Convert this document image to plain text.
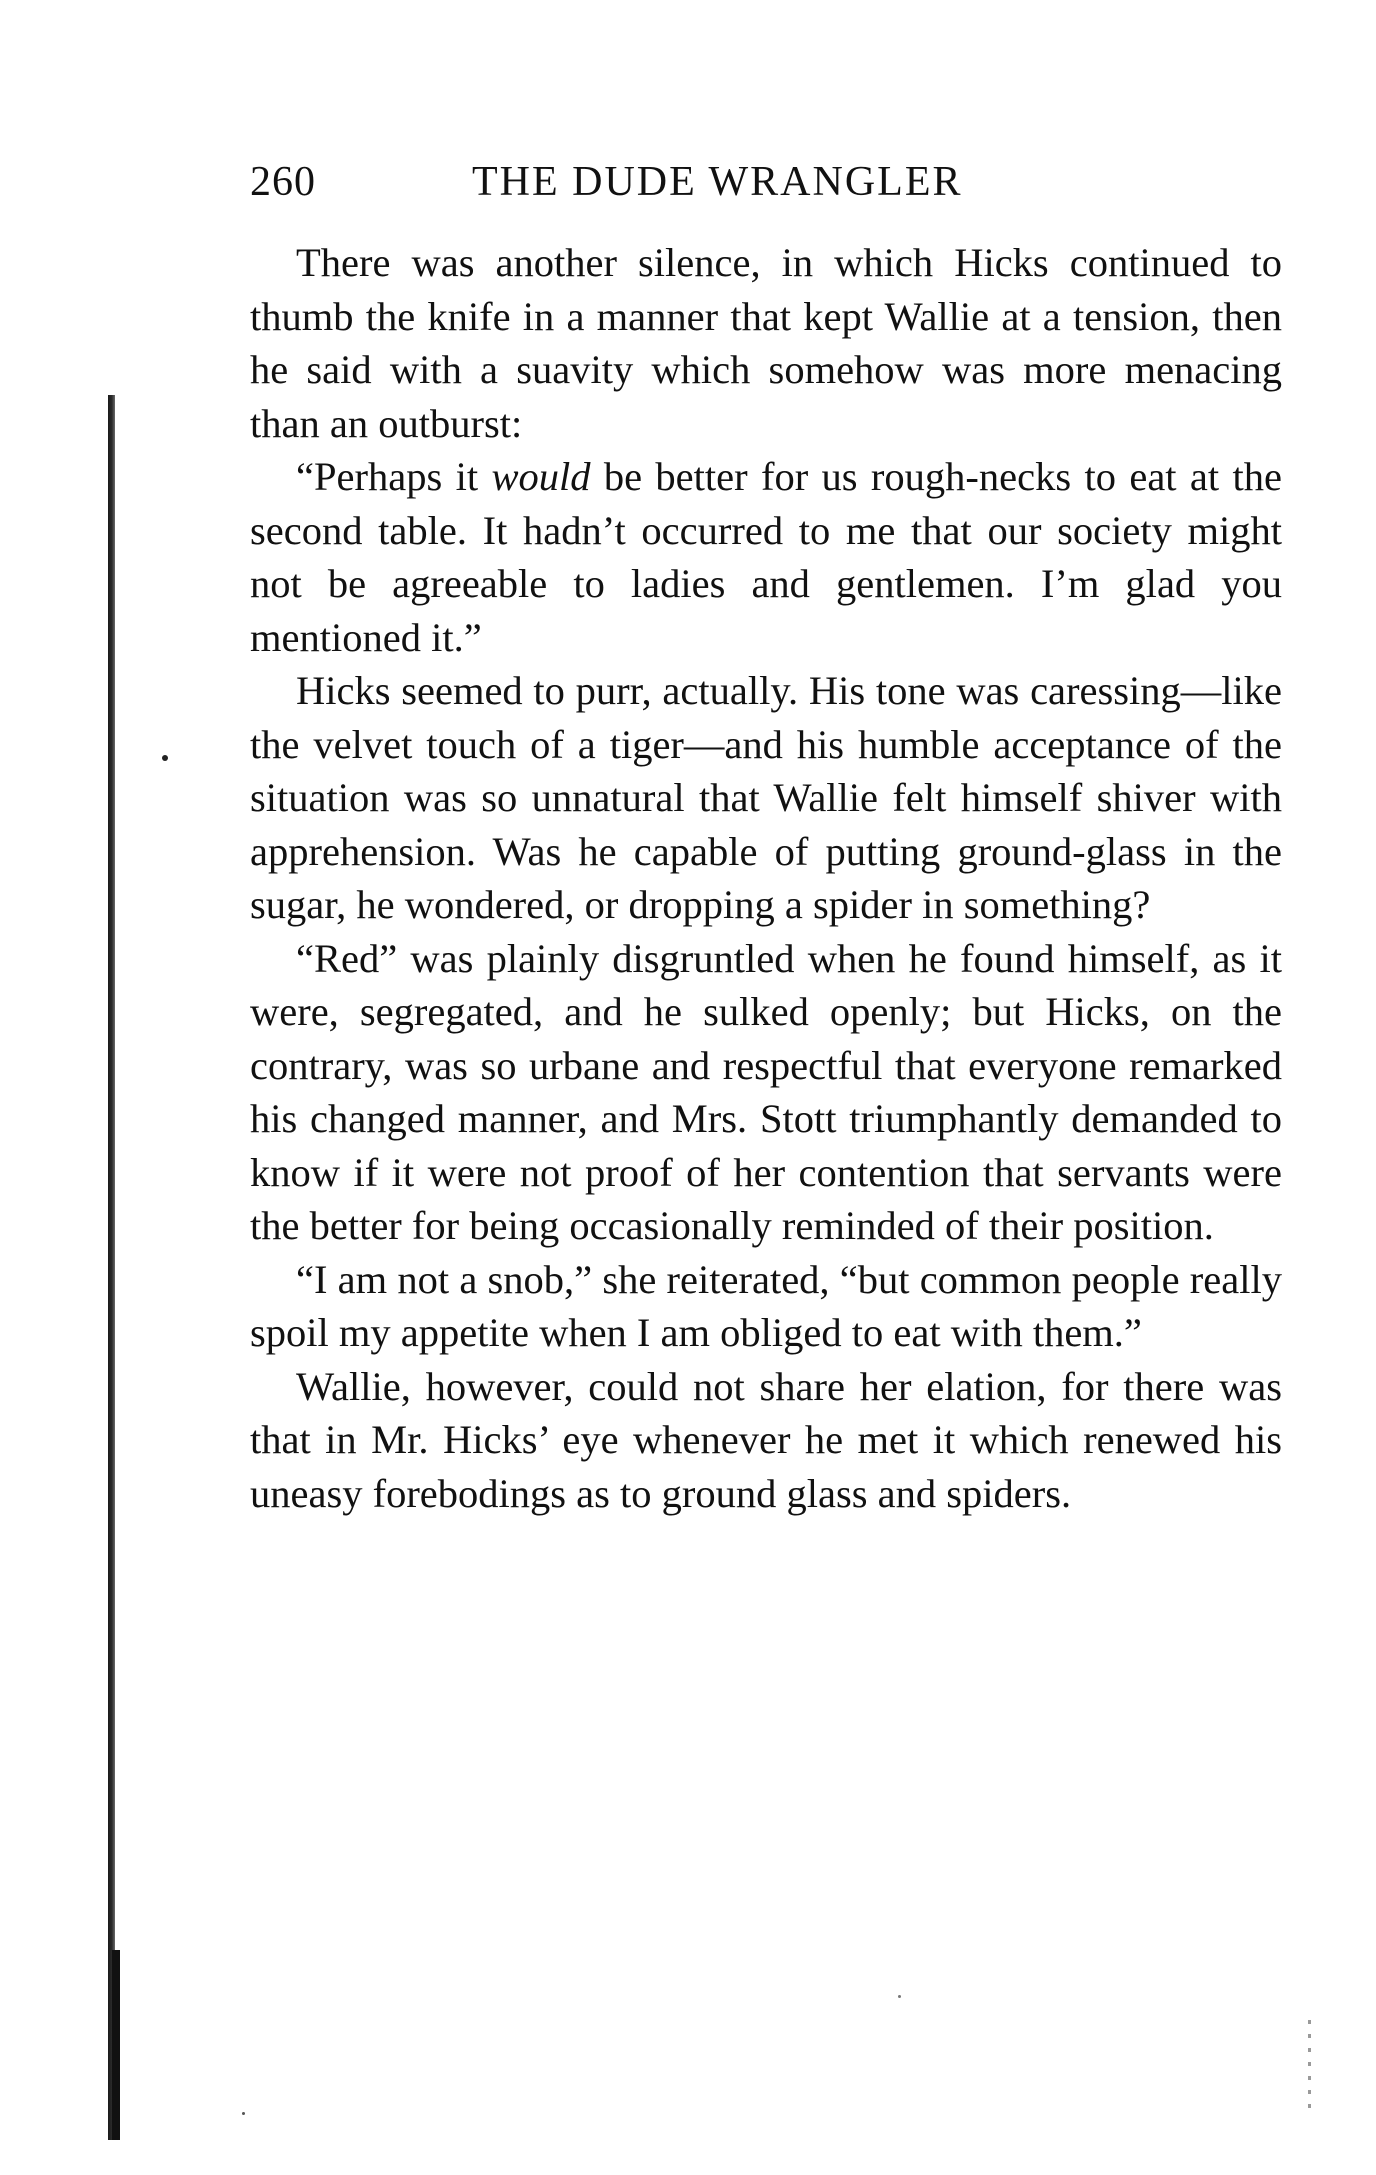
260	THE DUDE WRANGLER

There was another silence, in which Hicks continued to thumb the knife in a manner that kept Wallie at a tension, then he said with a suavity which somehow was more menacing than an outburst:

“Perhaps it would be better for us rough-necks to eat at the second table. It hadn’t occurred to me that our society might not be agreeable to ladies and gentlemen. I’m glad you mentioned it.”

Hicks seemed to purr, actually. His tone was caressing—like the velvet touch of a tiger—and his humble acceptance of the situation was so unnatural that Wallie felt himself shiver with apprehension. Was he capable of putting ground-glass in the sugar, he wondered, or dropping a spider in something?

“Red” was plainly disgruntled when he found himself, as it were, segregated, and he sulked openly; but Hicks, on the contrary, was so urbane and respectful that everyone remarked his changed manner, and Mrs. Stott triumphantly demanded to know if it were not proof of her contention that servants were the better for being occasionally reminded of their position.

“I am not a snob,” she reiterated, “but common people really spoil my appetite when I am obliged to eat with them.”

Wallie, however, could not share her elation, for there was that in Mr. Hicks’ eye whenever he met it which renewed his uneasy forebodings as to ground glass and spiders.
